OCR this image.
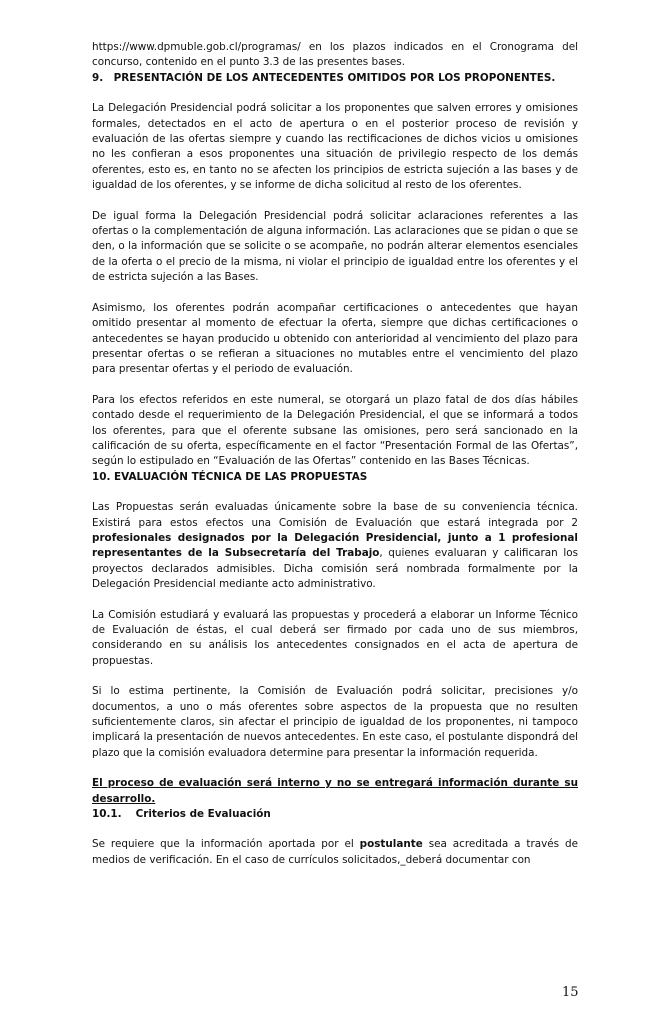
https://www.dpmuble.gob.cl/programas/ en los plazos indicados en el Cronograma del concurso, contenido en el punto 3.3 de las presentes bases.

9. PRESENTACIÓN DE LOS ANTECEDENTES OMITIDOS POR LOS PROPONENTES.

La Delegación Presidencial podrá solicitar a los proponentes que salven errores y omisiones formales, detectados en el acto de apertura o en el posterior proceso de revisión y evaluación de las ofertas siempre y cuando las rectificaciones de dichos vicios u omisiones no les confieran a esos proponentes una situación de privilegio respecto de los demás oferentes, esto es, en tanto no se afecten los principios de estricta sujeción a las bases y de igualdad de los oferentes, y se informe de dicha solicitud al resto de los oferentes.

De igual forma la Delegación Presidencial podrá solicitar aclaraciones referentes a las ofertas o la complementación de alguna información. Las aclaraciones que se pidan o que se den, o la información que se solicite o se acompañe, no podrán alterar elementos esenciales de la oferta o el precio de la misma, ni violar el principio de igualdad entre los oferentes y el de estricta sujeción a las Bases.

Asimismo, los oferentes podrán acompañar certificaciones o antecedentes que hayan omitido presentar al momento de efectuar la oferta, siempre que dichas certificaciones o antecedentes se hayan producido u obtenido con anterioridad al vencimiento del plazo para presentar ofertas o se refieran a situaciones no mutables entre el vencimiento del plazo para presentar ofertas y el periodo de evaluación.

Para los efectos referidos en este numeral, se otorgará un plazo fatal de dos días hábiles contado desde el requerimiento de la Delegación Presidencial, el que se informará a todos los oferentes, para que el oferente subsane las omisiones, pero será sancionado en la calificación de su oferta, específicamente en el factor “Presentación Formal de las Ofertas”, según lo estipulado en “Evaluación de las Ofertas” contenido en las Bases Técnicas.

10. EVALUACIÓN TÉCNICA DE LAS PROPUESTAS

Las Propuestas serán evaluadas únicamente sobre la base de su conveniencia técnica. Existirá para estos efectos una Comisión de Evaluación que estará integrada por 2 profesionales designados por la Delegación Presidencial, junto a 1 profesional representantes de la Subsecretaría del Trabajo, quienes evaluaran y calificaran los proyectos declarados admisibles. Dicha comisión será nombrada formalmente por la Delegación Presidencial mediante acto administrativo.

La Comisión estudiará y evaluará las propuestas y procederá a elaborar un Informe Técnico de Evaluación de éstas, el cual deberá ser firmado por cada uno de sus miembros, considerando en su análisis los antecedentes consignados en el acta de apertura de propuestas.

Si lo estima pertinente, la Comisión de Evaluación podrá solicitar, precisiones y/o documentos, a uno o más oferentes sobre aspectos de la propuesta que no resulten suficientemente claros, sin afectar el principio de igualdad de los proponentes, ni tampoco implicará la presentación de nuevos antecedentes. En este caso, el postulante dispondrá del plazo que la comisión evaluadora determine para presentar la información requerida.

El proceso de evaluación será interno y no se entregará información durante su desarrollo.

10.1. Criterios de Evaluación

Se requiere que la información aportada por el postulante sea acreditada a través de medios de verificación. En el caso de currículos solicitados,_deberá documentar con

15
